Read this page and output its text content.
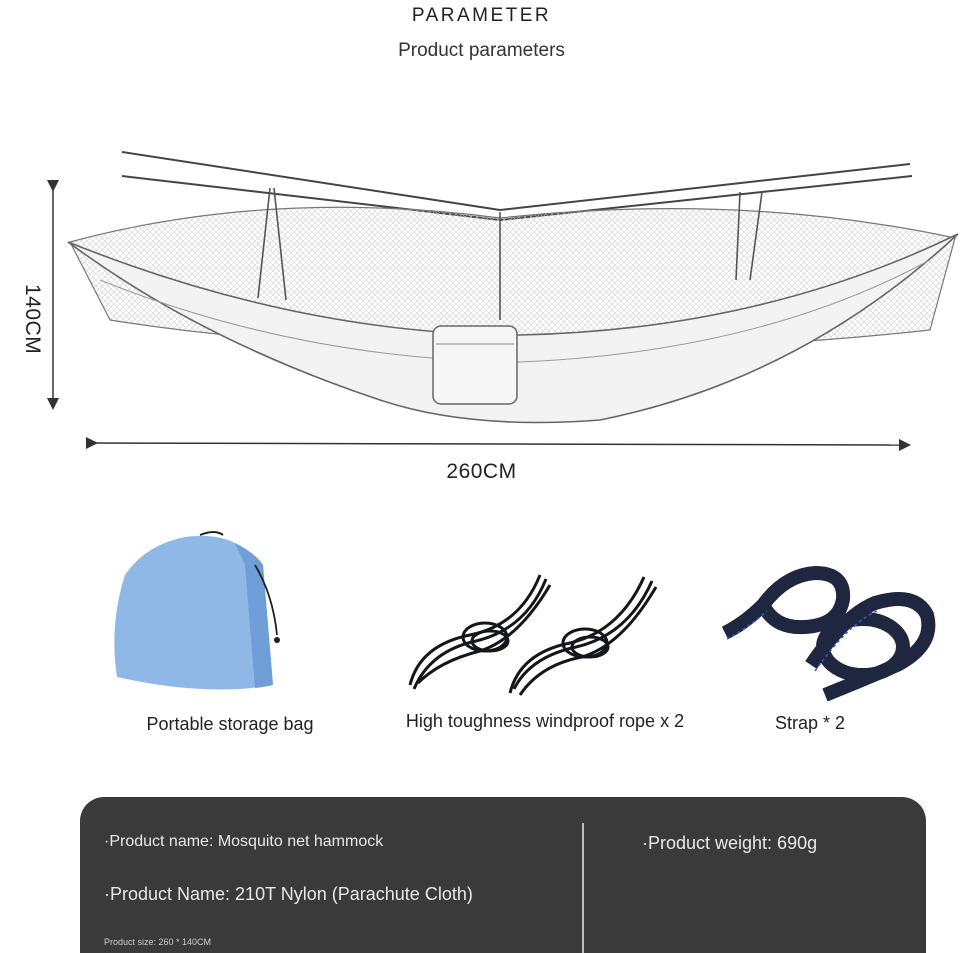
PARAMETER
Product parameters
140CM
260CM
Portable storage bag	High toughness windproof rope x 2	Strap * 2
·Product name: Mosquito net hammock
·Product Name: 210T Nylon (Parachute Cloth)
Product size: 260 * 140CM
·Product weight: 690g
